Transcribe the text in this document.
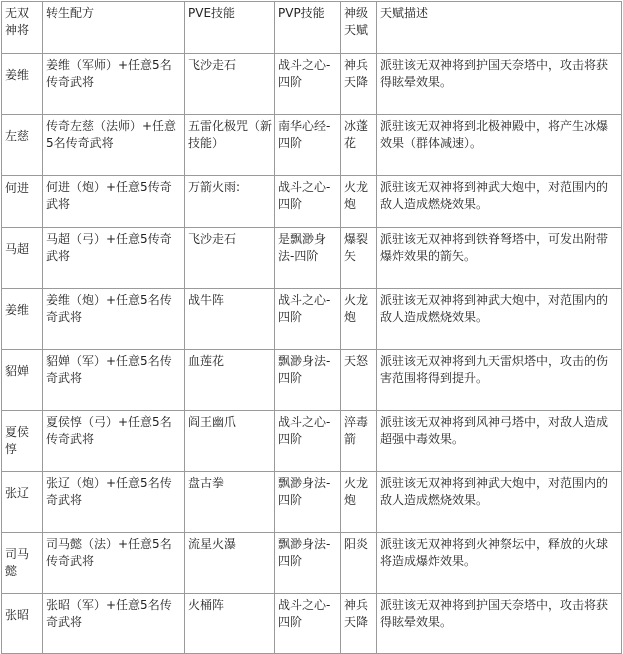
无双神将	转生配方	PVE技能	PVP技能	神级天赋	天赋描述
姜维	姜维（军师）+任意5名传奇武将	飞沙走石	战斗之心-四阶	神兵天降	派驻该无双神将到护国天奈塔中，攻击将获得眩晕效果。
左慈	传奇左慈（法师）+任意5名传奇武将	五雷化极咒（新技能）	南华心经-四阶	冰蓬花	派驻该无双神将到北极神殿中，将产生冰爆效果（群体减速）。
何进	何进（炮）+任意5传奇武将	万箭火雨:	战斗之心-四阶	火龙炮	派驻该无双神将到神武大炮中，对范围内的敌人造成燃烧效果。
马超	马超（弓）+任意5传奇武将	飞沙走石	是飘渺身法-四阶	爆裂矢	派驻该无双神将到铁脊弩塔中，可发出附带爆炸效果的箭矢。
姜维	姜维（炮）+任意5名传奇武将	战牛阵	战斗之心-四阶	火龙炮	派驻该无双神将到神武大炮中，对范围内的敌人造成燃烧效果。
貂婵	貂婵（军）+任意5名传奇武将	血莲花	飘渺身法-四阶	天怒	派驻该无双神将到九天雷炽塔中，攻击的伤害范围将得到提升。
夏侯惇	夏侯惇（弓）+任意5名传奇武将	阎王幽爪	战斗之心-四阶	淬毒箭	派驻该无双神将到风神弓塔中，对敌人造成超强中毒效果。
张辽	张辽（炮）+任意5名传奇武将	盘古拳	飘渺身法-四阶	火龙炮	派驻该无双神将到神武大炮中，对范围内的敌人造成燃烧效果。
司马懿	司马懿（法）+任意5名传奇武将	流星火瀑	飘渺身法-四阶	阳炎	派驻该无双神将到火神祭坛中，释放的火球将造成爆炸效果。
张昭	张昭（军）+任意5名传奇武将	火桶阵	战斗之心-四阶	神兵天降	派驻该无双神将到护国天奈塔中，攻击将获得眩晕效果。
